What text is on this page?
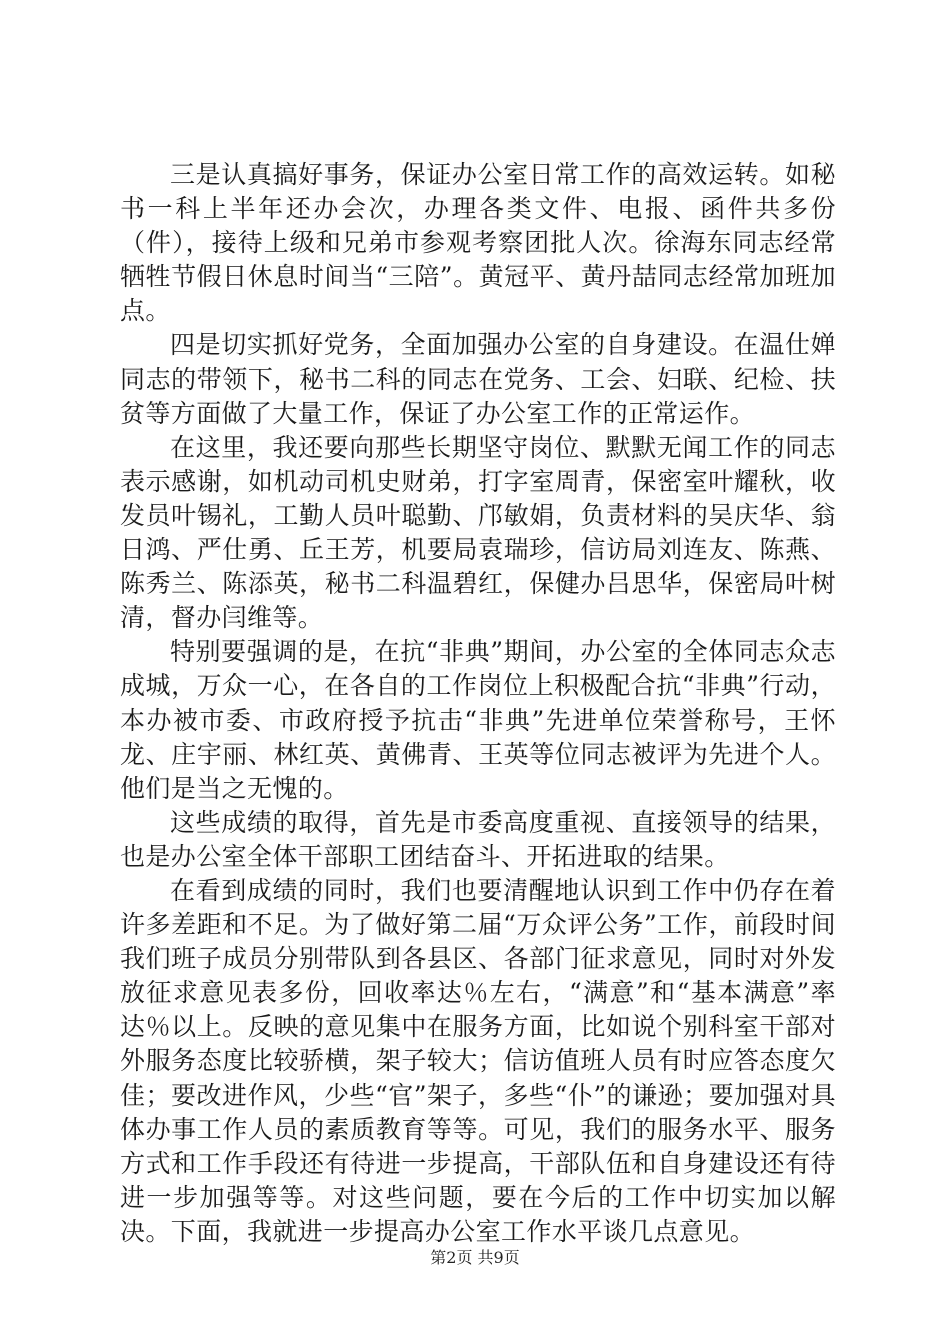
三是认真搞好事务，保证办公室日常工作的高效运转。如秘书一科上半年还办会次，办理各类文件、电报、函件共多份（件），接待上级和兄弟市参观考察团批人次。徐海东同志经常牺牲节假日休息时间当“三陪”。黄冠平、黄丹喆同志经常加班加点。

四是切实抓好党务，全面加强办公室的自身建设。在温仕婵同志的带领下，秘书二科的同志在党务、工会、妇联、纪检、扶贫等方面做了大量工作，保证了办公室工作的正常运作。

在这里，我还要向那些长期坚守岗位、默默无闻工作的同志表示感谢，如机动司机史财弟，打字室周青，保密室叶耀秋，收发员叶锡礼，工勤人员叶聪勤、邝敏娟，负责材料的吴庆华、翁日鸿、严仕勇、丘王芳，机要局袁瑞珍，信访局刘连友、陈燕、陈秀兰、陈添英，秘书二科温碧红，保健办吕思华，保密局叶树清，督办闫维等。

特别要强调的是，在抗“非典”期间，办公室的全体同志众志成城，万众一心，在各自的工作岗位上积极配合抗“非典”行动，本办被市委、市政府授予抗击“非典”先进单位荣誉称号，王怀龙、庄宇丽、林红英、黄佛青、王英等位同志被评为先进个人。他们是当之无愧的。

这些成绩的取得，首先是市委高度重视、直接领导的结果，也是办公室全体干部职工团结奋斗、开拓进取的结果。

在看到成绩的同时，我们也要清醒地认识到工作中仍存在着许多差距和不足。为了做好第二届“万众评公务”工作，前段时间我们班子成员分别带队到各县区、各部门征求意见，同时对外发放征求意见表多份，回收率达％左右，“满意”和“基本满意”率达％以上。反映的意见集中在服务方面，比如说个别科室干部对外服务态度比较骄横，架子较大；信访值班人员有时应答态度欠佳；要改进作风，少些“官”架子，多些“仆”的谦逊；要加强对具体办事工作人员的素质教育等等。可见，我们的服务水平、服务方式和工作手段还有待进一步提高，干部队伍和自身建设还有待进一步加强等等。对这些问题，要在今后的工作中切实加以解决。下面，我就进一步提高办公室工作水平谈几点意见。

第2页 共9页
